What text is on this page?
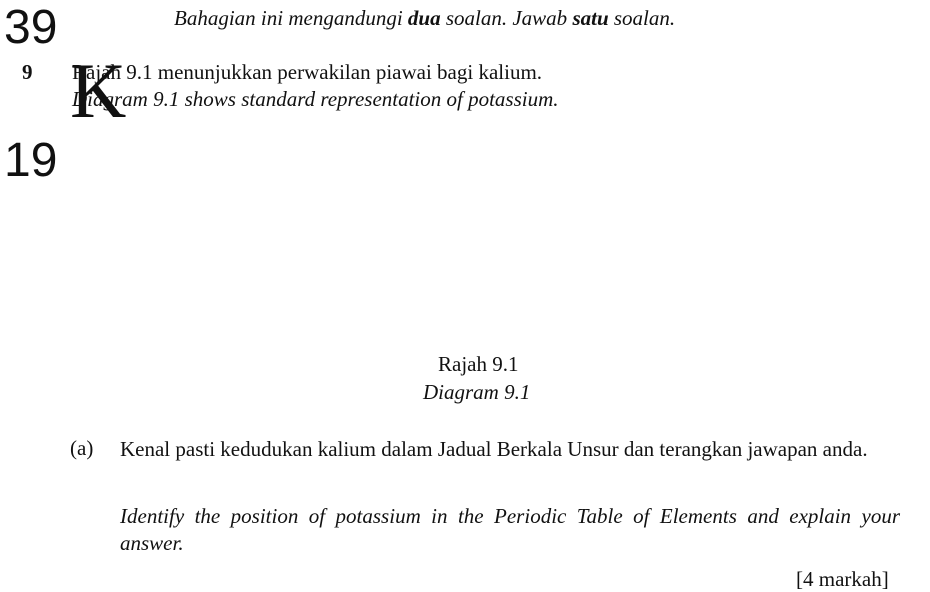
Bahagian ini mengandungi dua soalan. Jawab satu soalan.
9 Rajah 9.1 menunjukkan perwakilan piawai bagi kalium.
Diagram 9.1 shows standard representation of potassium.
39
K
19
Rajah 9.1
Diagram 9.1
(a) Kenal pasti kedudukan kalium dalam Jadual Berkala Unsur dan terangkan jawapan anda.
Identify the position of potassium in the Periodic Table of Elements and explain your answer.
[4 markah]
